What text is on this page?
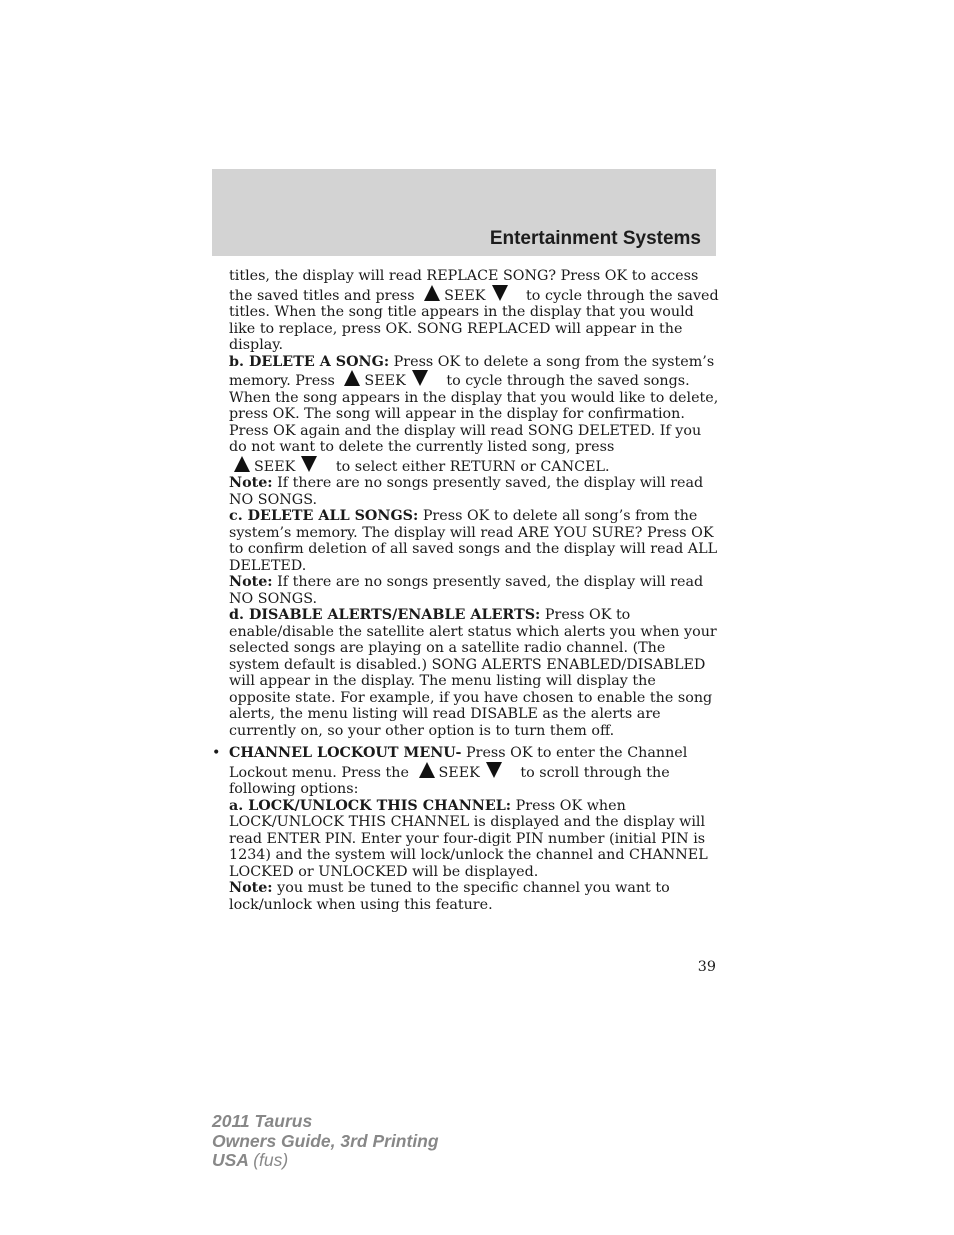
Entertainment Systems

titles, the display will read REPLACE SONG? Press OK to access the saved titles and press SEEK	to cycle through the saved titles. When the song title appears in the display that you would like to replace, press OK. SONG REPLACED will appear in the display.

b. DELETE A SONG: Press OK to delete a song from the system’s memory. Press SEEK	to cycle through the saved songs. When the song appears in the display that you would like to delete, press OK. The song will appear in the display for confirmation. Press OK again and the display will read SONG DELETED. If you do not want to delete the currently listed song, press SEEK	to select either RETURN or CANCEL.

Note: If there are no songs presently saved, the display will read NO SONGS.

c. DELETE ALL SONGS: Press OK to delete all song’s from the system’s memory. The display will read ARE YOU SURE? Press OK to confirm deletion of all saved songs and the display will read ALL DELETED.

Note: If there are no songs presently saved, the display will read NO SONGS.

d. DISABLE ALERTS/ENABLE ALERTS: Press OK to enable/disable the satellite alert status which alerts you when your selected songs are playing on a satellite radio channel. (The system default is disabled.) SONG ALERTS ENABLED/DISABLED will appear in the display. The menu listing will display the opposite state. For example, if you have chosen to enable the song alerts, the menu listing will read DISABLE as the alerts are currently on, so your other option is to turn them off.

• CHANNEL LOCKOUT MENU- Press OK to enter the Channel Lockout menu. Press the SEEK	to scroll through the following options:

a. LOCK/UNLOCK THIS CHANNEL: Press OK when LOCK/UNLOCK THIS CHANNEL is displayed and the display will read ENTER PIN. Enter your four-digit PIN number (initial PIN is 1234) and the system will lock/unlock the channel and CHANNEL LOCKED or UNLOCKED will be displayed.

Note: you must be tuned to the specific channel you want to lock/unlock when using this feature.

39
2011 Taurus
Owners Guide, 3rd Printing
USA (fus)
